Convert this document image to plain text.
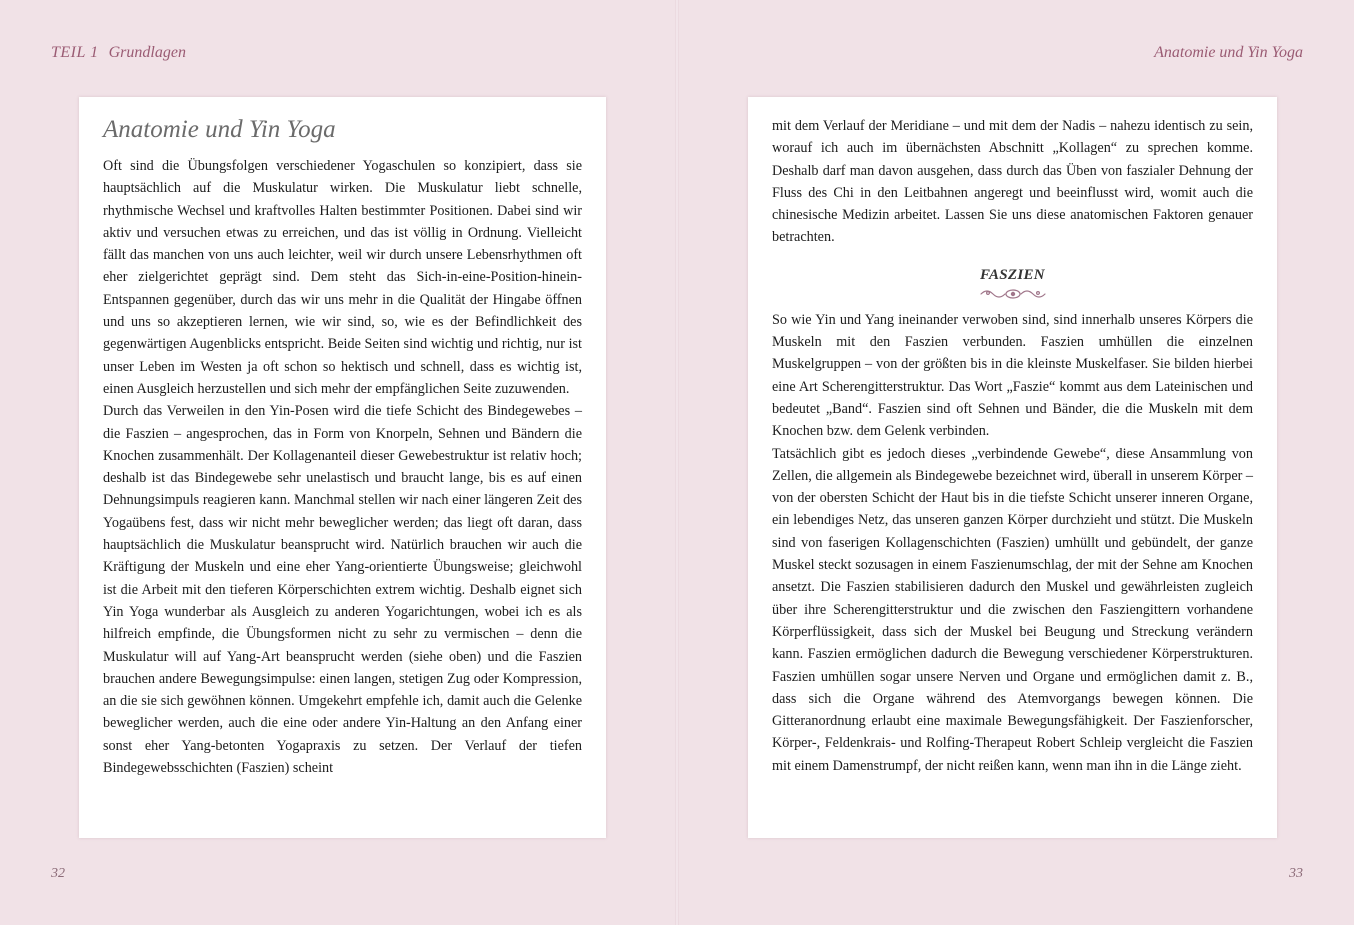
TEIL 1 Grundlagen	Anatomie und Yin Yoga
Anatomie und Yin Yoga

Oft sind die Übungsfolgen verschiedener Yogaschulen so konzipiert, dass sie hauptsächlich auf die Muskulatur wirken. Die Muskulatur liebt schnelle, rhythmische Wechsel und kraftvolles Halten bestimmter Positionen. Dabei sind wir aktiv und versuchen etwas zu erreichen, und das ist völlig in Ordnung. Vielleicht fällt das manchen von uns auch leichter, weil wir durch unsere Lebensrhythmen oft eher zielgerichtet geprägt sind. Dem steht das Sich-in-eine-Position-hinein-Entspannen gegenüber, durch das wir uns mehr in die Qualität der Hingabe öffnen und uns so akzeptieren lernen, wie wir sind, so, wie es der Befindlichkeit des gegenwärtigen Augenblicks entspricht. Beide Seiten sind wichtig und richtig, nur ist unser Leben im Westen ja oft schon so hektisch und schnell, dass es wichtig ist, einen Ausgleich herzustellen und sich mehr der empfänglichen Seite zuzuwenden.

Durch das Verweilen in den Yin-Posen wird die tiefe Schicht des Bindegewebes – die Faszien – angesprochen, das in Form von Knorpeln, Sehnen und Bändern die Knochen zusammenhält. Der Kollagenanteil dieser Gewebestruktur ist relativ hoch; deshalb ist das Bindegewebe sehr unelastisch und braucht lange, bis es auf einen Dehnungsimpuls reagieren kann. Manchmal stellen wir nach einer längeren Zeit des Yogaübens fest, dass wir nicht mehr beweglicher werden; das liegt oft daran, dass hauptsächlich die Muskulatur beansprucht wird. Natürlich brauchen wir auch die Kräftigung der Muskeln und eine eher Yang-orientierte Übungsweise; gleichwohl ist die Arbeit mit den tieferen Körperschichten extrem wichtig. Deshalb eignet sich Yin Yoga wunderbar als Ausgleich zu anderen Yogarichtungen, wobei ich es als hilfreich empfinde, die Übungsformen nicht zu sehr zu vermischen – denn die Muskulatur will auf Yang-Art beansprucht werden (siehe oben) und die Faszien brauchen andere Bewegungsimpulse: einen langen, stetigen Zug oder Kompression, an die sie sich gewöhnen können. Umgekehrt empfehle ich, damit auch die Gelenke beweglicher werden, auch die eine oder andere Yin-Haltung an den Anfang einer sonst eher Yang-betonten Yogapraxis zu setzen. Der Verlauf der tiefen Bindegewebsschichten (Faszien) scheint

mit dem Verlauf der Meridiane – und mit dem der Nadis – nahezu identisch zu sein, worauf ich auch im übernächsten Abschnitt „Kollagen“ zu sprechen komme. Deshalb darf man davon ausgehen, dass durch das Üben von faszialer Dehnung der Fluss des Chi in den Leitbahnen angeregt und beeinflusst wird, womit auch die chinesische Medizin arbeitet. Lassen Sie uns diese anatomischen Faktoren genauer betrachten.

FASZIEN

So wie Yin und Yang ineinander verwoben sind, sind innerhalb unseres Körpers die Muskeln mit den Faszien verbunden. Faszien umhüllen die einzelnen Muskelgruppen – von der größten bis in die kleinste Muskelfaser. Sie bilden hierbei eine Art Scherengitterstruktur. Das Wort „Faszie“ kommt aus dem Lateinischen und bedeutet „Band“. Faszien sind oft Sehnen und Bänder, die die Muskeln mit dem Knochen bzw. dem Gelenk verbinden.

Tatsächlich gibt es jedoch dieses „verbindende Gewebe“, diese Ansammlung von Zellen, die allgemein als Bindegewebe bezeichnet wird, überall in unserem Körper – von der obersten Schicht der Haut bis in die tiefste Schicht unserer inneren Organe, ein lebendiges Netz, das unseren ganzen Körper durchzieht und stützt. Die Muskeln sind von faserigen Kollagenschichten (Faszien) umhüllt und gebündelt, der ganze Muskel steckt sozusagen in einem Faszienumschlag, der mit der Sehne am Knochen ansetzt. Die Faszien stabilisieren dadurch den Muskel und gewährleisten zugleich über ihre Scherengitterstruktur und die zwischen den Fasziengittern vorhandene Körperflüssigkeit, dass sich der Muskel bei Beugung und Streckung verändern kann. Faszien ermöglichen dadurch die Bewegung verschiedener Körperstrukturen. Faszien umhüllen sogar unsere Nerven und Organe und ermöglichen damit z. B., dass sich die Organe während des Atemvorgangs bewegen können. Die Gitteranordnung erlaubt eine maximale Bewegungsfähigkeit. Der Faszienforscher, Körper-, Feldenkrais- und Rolfing-Therapeut Robert Schleip vergleicht die Faszien mit einem Damenstrumpf, der nicht reißen kann, wenn man ihn in die Länge zieht.

32	33
